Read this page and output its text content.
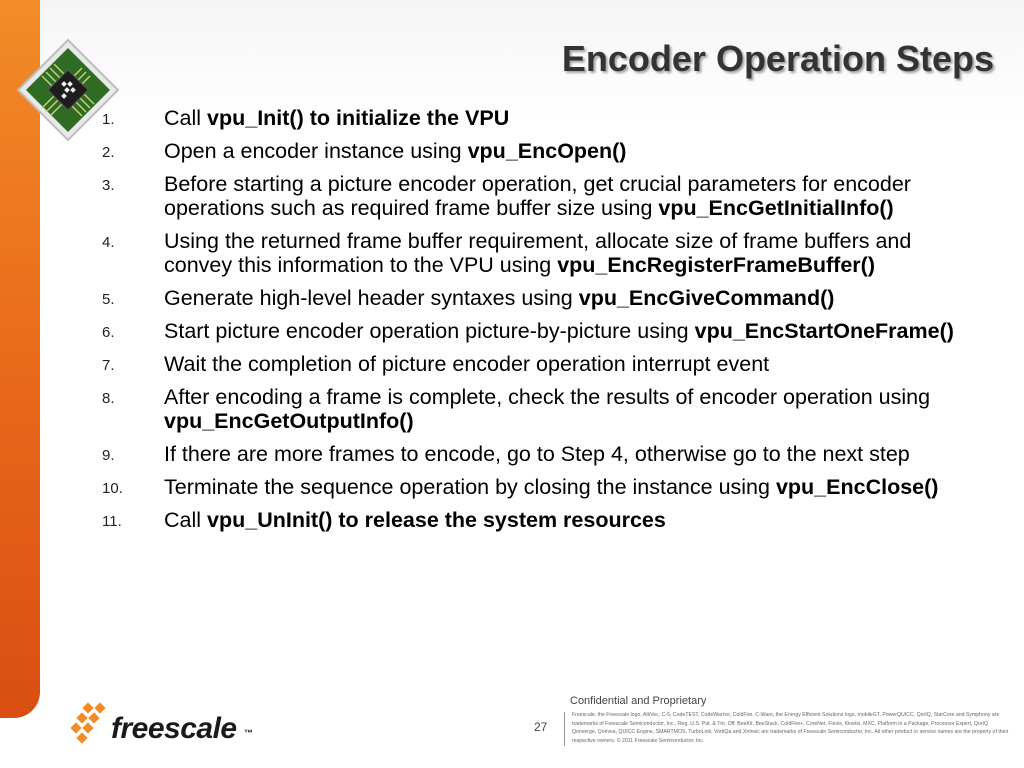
Encoder Operation Steps
1.	Call vpu_Init() to initialize the VPU
2.	Open a encoder instance using vpu_EncOpen()
3.	Before starting a picture encoder operation, get crucial parameters for encoder operations such as required frame buffer size using vpu_EncGetInitialInfo()
4.	Using the returned frame buffer requirement, allocate size of frame buffers and convey this information to the VPU using vpu_EncRegisterFrameBuffer()
5.	Generate high-level header syntaxes using vpu_EncGiveCommand()
6.	Start picture encoder operation picture-by-picture using vpu_EncStartOneFrame()
7.	Wait the completion of picture encoder operation interrupt event
8.	After encoding a frame is complete, check the results of encoder operation using vpu_EncGetOutputInfo()
9.	If there are more frames to encode, go to Step 4, otherwise go to the next step
10.	Terminate the sequence operation by closing the instance using vpu_EncClose()
11.	Call vpu_UnInit() to release the system resources
freescale ™	27
Confidential and Proprietary
Freescale, the Freescale logo, AltiVec, C-5, CodeTEST, CodeWarrior, ColdFire, C-Ware, the Energy Efficient Solutions logo, mobileGT, PowerQUICC, QorIQ, StarCore and Symphony are trademarks of Freescale Semiconductor, Inc., Reg. U.S. Pat. & Tm. Off. BeeKit, BeeStack, ColdFire+, CoreNet, Flexis, Kinetis, MXC, Platform in a Package, Processor Expert, QorIQ Qonverge, Qorivva, QUICC Engine, SMARTMOS, TurboLink, VortiQa and Xtrinsic are trademarks of Freescale Semiconductor, Inc. All other product or service names are the property of their respective owners. © 2011 Freescale Semiconductor, Inc.
